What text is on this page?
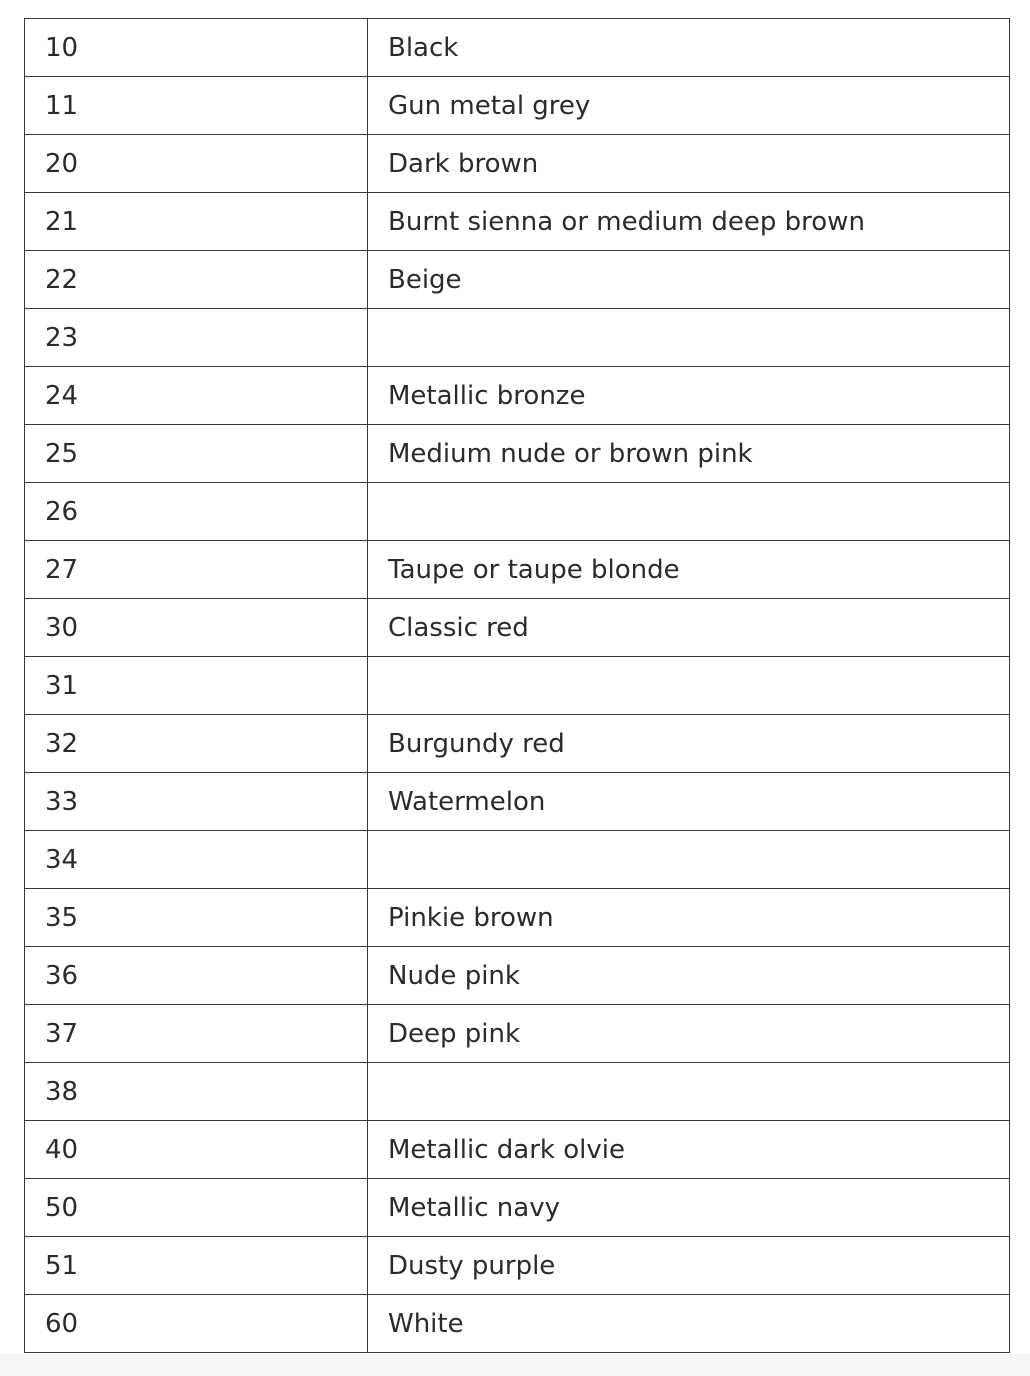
10	Black
11	Gun metal grey
20	Dark brown
21	Burnt sienna or medium deep brown
22	Beige
23	
24	Metallic bronze
25	Medium nude or brown pink
26	
27	Taupe or taupe blonde
30	Classic red
31	
32	Burgundy red
33	Watermelon
34	
35	Pinkie brown
36	Nude pink
37	Deep pink
38	
40	Metallic dark olvie
50	Metallic navy
51	Dusty purple
60	White
